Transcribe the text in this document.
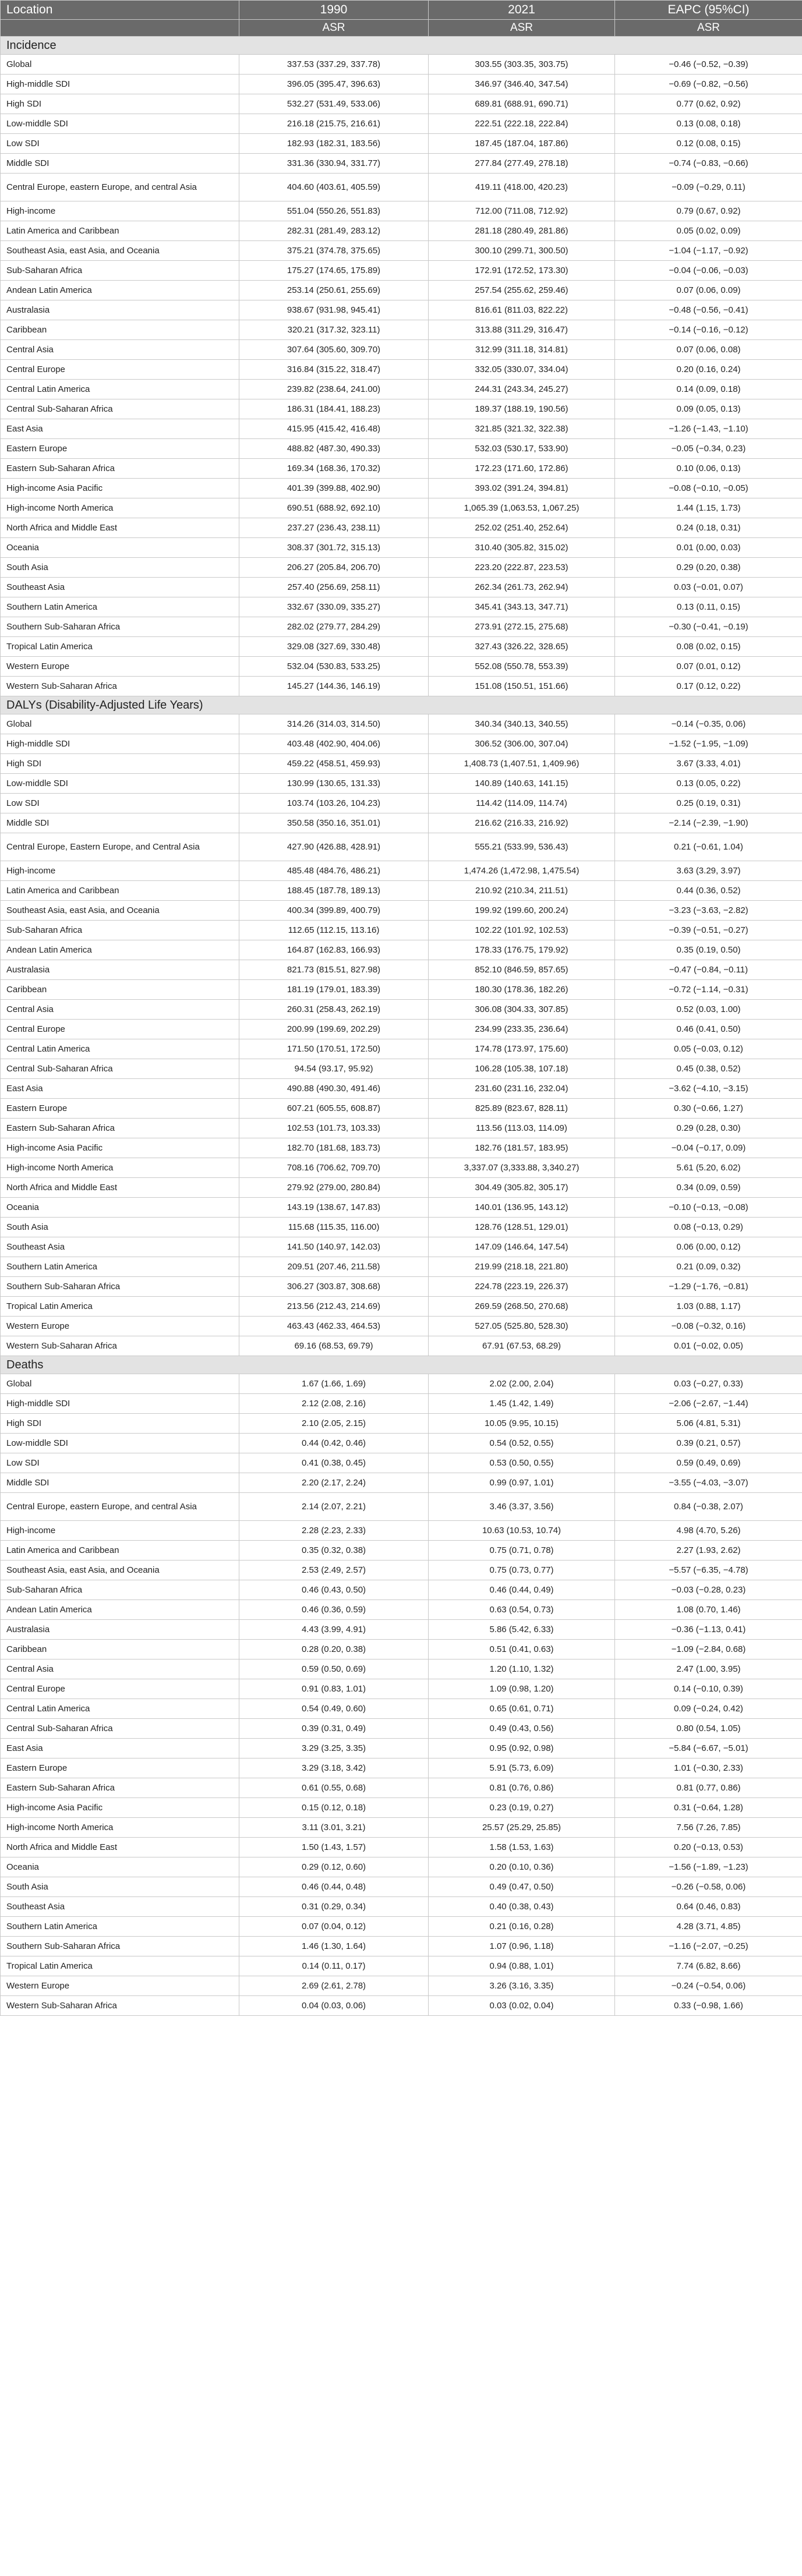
Location	1990	2021	EAPC (95%CI)
	ASR	ASR	ASR
Incidence			
Global	337.53 (337.29, 337.78)	303.55 (303.35, 303.75)	−0.46 (−0.52, −0.39)
High-middle SDI	396.05 (395.47, 396.63)	346.97 (346.40, 347.54)	−0.69 (−0.82, −0.56)
High SDI	532.27 (531.49, 533.06)	689.81 (688.91, 690.71)	0.77 (0.62, 0.92)
Low-middle SDI	216.18 (215.75, 216.61)	222.51 (222.18, 222.84)	0.13 (0.08, 0.18)
Low SDI	182.93 (182.31, 183.56)	187.45 (187.04, 187.86)	0.12 (0.08, 0.15)
Middle SDI	331.36 (330.94, 331.77)	277.84 (277.49, 278.18)	−0.74 (−0.83, −0.66)
Central Europe, eastern Europe, and central Asia	404.60 (403.61, 405.59)	419.11 (418.00, 420.23)	−0.09 (−0.29, 0.11)
High-income	551.04 (550.26, 551.83)	712.00 (711.08, 712.92)	0.79 (0.67, 0.92)
Latin America and Caribbean	282.31 (281.49, 283.12)	281.18 (280.49, 281.86)	0.05 (0.02, 0.09)
Southeast Asia, east Asia, and Oceania	375.21 (374.78, 375.65)	300.10 (299.71, 300.50)	−1.04 (−1.17, −0.92)
Sub-Saharan Africa	175.27 (174.65, 175.89)	172.91 (172.52, 173.30)	−0.04 (−0.06, −0.03)
Andean Latin America	253.14 (250.61, 255.69)	257.54 (255.62, 259.46)	0.07 (0.06, 0.09)
Australasia	938.67 (931.98, 945.41)	816.61 (811.03, 822.22)	−0.48 (−0.56, −0.41)
Caribbean	320.21 (317.32, 323.11)	313.88 (311.29, 316.47)	−0.14 (−0.16, −0.12)
Central Asia	307.64 (305.60, 309.70)	312.99 (311.18, 314.81)	0.07 (0.06, 0.08)
Central Europe	316.84 (315.22, 318.47)	332.05 (330.07, 334.04)	0.20 (0.16, 0.24)
Central Latin America	239.82 (238.64, 241.00)	244.31 (243.34, 245.27)	0.14 (0.09, 0.18)
Central Sub-Saharan Africa	186.31 (184.41, 188.23)	189.37 (188.19, 190.56)	0.09 (0.05, 0.13)
East Asia	415.95 (415.42, 416.48)	321.85 (321.32, 322.38)	−1.26 (−1.43, −1.10)
Eastern Europe	488.82 (487.30, 490.33)	532.03 (530.17, 533.90)	−0.05 (−0.34, 0.23)
Eastern Sub-Saharan Africa	169.34 (168.36, 170.32)	172.23 (171.60, 172.86)	0.10 (0.06, 0.13)
High-income Asia Pacific	401.39 (399.88, 402.90)	393.02 (391.24, 394.81)	−0.08 (−0.10, −0.05)
High-income North America	690.51 (688.92, 692.10)	1,065.39 (1,063.53, 1,067.25)	1.44 (1.15, 1.73)
North Africa and Middle East	237.27 (236.43, 238.11)	252.02 (251.40, 252.64)	0.24 (0.18, 0.31)
Oceania	308.37 (301.72, 315.13)	310.40 (305.82, 315.02)	0.01 (0.00, 0.03)
South Asia	206.27 (205.84, 206.70)	223.20 (222.87, 223.53)	0.29 (0.20, 0.38)
Southeast Asia	257.40 (256.69, 258.11)	262.34 (261.73, 262.94)	0.03 (−0.01, 0.07)
Southern Latin America	332.67 (330.09, 335.27)	345.41 (343.13, 347.71)	0.13 (0.11, 0.15)
Southern Sub-Saharan Africa	282.02 (279.77, 284.29)	273.91 (272.15, 275.68)	−0.30 (−0.41, −0.19)
Tropical Latin America	329.08 (327.69, 330.48)	327.43 (326.22, 328.65)	0.08 (0.02, 0.15)
Western Europe	532.04 (530.83, 533.25)	552.08 (550.78, 553.39)	0.07 (0.01, 0.12)
Western Sub-Saharan Africa	145.27 (144.36, 146.19)	151.08 (150.51, 151.66)	0.17 (0.12, 0.22)
DALYs (Disability-Adjusted Life Years)			
Global	314.26 (314.03, 314.50)	340.34 (340.13, 340.55)	−0.14 (−0.35, 0.06)
High-middle SDI	403.48 (402.90, 404.06)	306.52 (306.00, 307.04)	−1.52 (−1.95, −1.09)
High SDI	459.22 (458.51, 459.93)	1,408.73 (1,407.51, 1,409.96)	3.67 (3.33, 4.01)
Low-middle SDI	130.99 (130.65, 131.33)	140.89 (140.63, 141.15)	0.13 (0.05, 0.22)
Low SDI	103.74 (103.26, 104.23)	114.42 (114.09, 114.74)	0.25 (0.19, 0.31)
Middle SDI	350.58 (350.16, 351.01)	216.62 (216.33, 216.92)	−2.14 (−2.39, −1.90)
Central Europe, Eastern Europe, and Central Asia	427.90 (426.88, 428.91)	555.21 (533.99, 536.43)	0.21 (−0.61, 1.04)
High-income	485.48 (484.76, 486.21)	1,474.26 (1,472.98, 1,475.54)	3.63 (3.29, 3.97)
Latin America and Caribbean	188.45 (187.78, 189.13)	210.92 (210.34, 211.51)	0.44 (0.36, 0.52)
Southeast Asia, east Asia, and Oceania	400.34 (399.89, 400.79)	199.92 (199.60, 200.24)	−3.23 (−3.63, −2.82)
Sub-Saharan Africa	112.65 (112.15, 113.16)	102.22 (101.92, 102.53)	−0.39 (−0.51, −0.27)
Andean Latin America	164.87 (162.83, 166.93)	178.33 (176.75, 179.92)	0.35 (0.19, 0.50)
Australasia	821.73 (815.51, 827.98)	852.10 (846.59, 857.65)	−0.47 (−0.84, −0.11)
Caribbean	181.19 (179.01, 183.39)	180.30 (178.36, 182.26)	−0.72 (−1.14, −0.31)
Central Asia	260.31 (258.43, 262.19)	306.08 (304.33, 307.85)	0.52 (0.03, 1.00)
Central Europe	200.99 (199.69, 202.29)	234.99 (233.35, 236.64)	0.46 (0.41, 0.50)
Central Latin America	171.50 (170.51, 172.50)	174.78 (173.97, 175.60)	0.05 (−0.03, 0.12)
Central Sub-Saharan Africa	94.54 (93.17, 95.92)	106.28 (105.38, 107.18)	0.45 (0.38, 0.52)
East Asia	490.88 (490.30, 491.46)	231.60 (231.16, 232.04)	−3.62 (−4.10, −3.15)
Eastern Europe	607.21 (605.55, 608.87)	825.89 (823.67, 828.11)	0.30 (−0.66, 1.27)
Eastern Sub-Saharan Africa	102.53 (101.73, 103.33)	113.56 (113.03, 114.09)	0.29 (0.28, 0.30)
High-income Asia Pacific	182.70 (181.68, 183.73)	182.76 (181.57, 183.95)	−0.04 (−0.17, 0.09)
High-income North America	708.16 (706.62, 709.70)	3,337.07 (3,333.88, 3,340.27)	5.61 (5.20, 6.02)
North Africa and Middle East	279.92 (279.00, 280.84)	304.49 (305.82, 305.17)	0.34 (0.09, 0.59)
Oceania	143.19 (138.67, 147.83)	140.01 (136.95, 143.12)	−0.10 (−0.13, −0.08)
South Asia	115.68 (115.35, 116.00)	128.76 (128.51, 129.01)	0.08 (−0.13, 0.29)
Southeast Asia	141.50 (140.97, 142.03)	147.09 (146.64, 147.54)	0.06 (0.00, 0.12)
Southern Latin America	209.51 (207.46, 211.58)	219.99 (218.18, 221.80)	0.21 (0.09, 0.32)
Southern Sub-Saharan Africa	306.27 (303.87, 308.68)	224.78 (223.19, 226.37)	−1.29 (−1.76, −0.81)
Tropical Latin America	213.56 (212.43, 214.69)	269.59 (268.50, 270.68)	1.03 (0.88, 1.17)
Western Europe	463.43 (462.33, 464.53)	527.05 (525.80, 528.30)	−0.08 (−0.32, 0.16)
Western Sub-Saharan Africa	69.16 (68.53, 69.79)	67.91 (67.53, 68.29)	0.01 (−0.02, 0.05)
Deaths			
Global	1.67 (1.66, 1.69)	2.02 (2.00, 2.04)	0.03 (−0.27, 0.33)
High-middle SDI	2.12 (2.08, 2.16)	1.45 (1.42, 1.49)	−2.06 (−2.67, −1.44)
High SDI	2.10 (2.05, 2.15)	10.05 (9.95, 10.15)	5.06 (4.81, 5.31)
Low-middle SDI	0.44 (0.42, 0.46)	0.54 (0.52, 0.55)	0.39 (0.21, 0.57)
Low SDI	0.41 (0.38, 0.45)	0.53 (0.50, 0.55)	0.59 (0.49, 0.69)
Middle SDI	2.20 (2.17, 2.24)	0.99 (0.97, 1.01)	−3.55 (−4.03, −3.07)
Central Europe, eastern Europe, and central Asia	2.14 (2.07, 2.21)	3.46 (3.37, 3.56)	0.84 (−0.38, 2.07)
High-income	2.28 (2.23, 2.33)	10.63 (10.53, 10.74)	4.98 (4.70, 5.26)
Latin America and Caribbean	0.35 (0.32, 0.38)	0.75 (0.71, 0.78)	2.27 (1.93, 2.62)
Southeast Asia, east Asia, and Oceania	2.53 (2.49, 2.57)	0.75 (0.73, 0.77)	−5.57 (−6.35, −4.78)
Sub-Saharan Africa	0.46 (0.43, 0.50)	0.46 (0.44, 0.49)	−0.03 (−0.28, 0.23)
Andean Latin America	0.46 (0.36, 0.59)	0.63 (0.54, 0.73)	1.08 (0.70, 1.46)
Australasia	4.43 (3.99, 4.91)	5.86 (5.42, 6.33)	−0.36 (−1.13, 0.41)
Caribbean	0.28 (0.20, 0.38)	0.51 (0.41, 0.63)	−1.09 (−2.84, 0.68)
Central Asia	0.59 (0.50, 0.69)	1.20 (1.10, 1.32)	2.47 (1.00, 3.95)
Central Europe	0.91 (0.83, 1.01)	1.09 (0.98, 1.20)	0.14 (−0.10, 0.39)
Central Latin America	0.54 (0.49, 0.60)	0.65 (0.61, 0.71)	0.09 (−0.24, 0.42)
Central Sub-Saharan Africa	0.39 (0.31, 0.49)	0.49 (0.43, 0.56)	0.80 (0.54, 1.05)
East Asia	3.29 (3.25, 3.35)	0.95 (0.92, 0.98)	−5.84 (−6.67, −5.01)
Eastern Europe	3.29 (3.18, 3.42)	5.91 (5.73, 6.09)	1.01 (−0.30, 2.33)
Eastern Sub-Saharan Africa	0.61 (0.55, 0.68)	0.81 (0.76, 0.86)	0.81 (0.77, 0.86)
High-income Asia Pacific	0.15 (0.12, 0.18)	0.23 (0.19, 0.27)	0.31 (−0.64, 1.28)
High-income North America	3.11 (3.01, 3.21)	25.57 (25.29, 25.85)	7.56 (7.26, 7.85)
North Africa and Middle East	1.50 (1.43, 1.57)	1.58 (1.53, 1.63)	0.20 (−0.13, 0.53)
Oceania	0.29 (0.12, 0.60)	0.20 (0.10, 0.36)	−1.56 (−1.89, −1.23)
South Asia	0.46 (0.44, 0.48)	0.49 (0.47, 0.50)	−0.26 (−0.58, 0.06)
Southeast Asia	0.31 (0.29, 0.34)	0.40 (0.38, 0.43)	0.64 (0.46, 0.83)
Southern Latin America	0.07 (0.04, 0.12)	0.21 (0.16, 0.28)	4.28 (3.71, 4.85)
Southern Sub-Saharan Africa	1.46 (1.30, 1.64)	1.07 (0.96, 1.18)	−1.16 (−2.07, −0.25)
Tropical Latin America	0.14 (0.11, 0.17)	0.94 (0.88, 1.01)	7.74 (6.82, 8.66)
Western Europe	2.69 (2.61, 2.78)	3.26 (3.16, 3.35)	−0.24 (−0.54, 0.06)
Western Sub-Saharan Africa	0.04 (0.03, 0.06)	0.03 (0.02, 0.04)	0.33 (−0.98, 1.66)
